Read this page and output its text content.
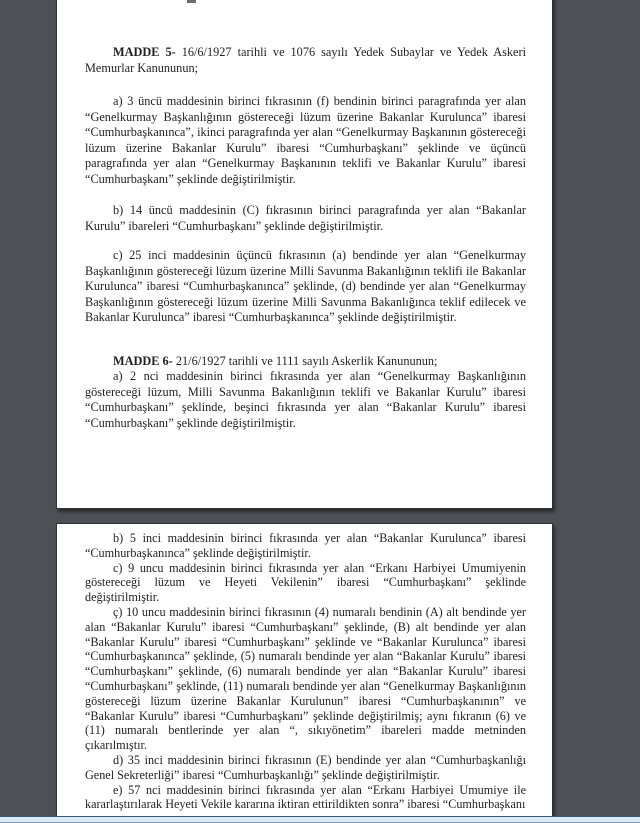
MADDE 5- 16/6/1927 tarihli ve 1076 sayılı Yedek Subaylar ve Yedek Askeri Memurlar Kanununun;

a) 3 üncü maddesinin birinci fıkrasının (f) bendinin birinci paragrafında yer alan “Genelkurmay Başkanlığının göstereceği lüzum üzerine Bakanlar Kurulunca” ibaresi “Cumhurbaşkanınca”, ikinci paragrafında yer alan “Genelkurmay Başkanının göstereceği lüzum üzerine Bakanlar Kurulu” ibaresi “Cumhurbaşkanı” şeklinde ve üçüncü paragrafında yer alan “Genelkurmay Başkanının teklifi ve Bakanlar Kurulu” ibaresi “Cumhurbaşkanı” şeklinde değiştirilmiştir.

b) 14 üncü maddesinin (C) fıkrasının birinci paragrafında yer alan “Bakanlar Kurulu” ibareleri “Cumhurbaşkanı” şeklinde değiştirilmiştir.

c) 25 inci maddesinin üçüncü fıkrasının (a) bendinde yer alan “Genelkurmay Başkanlığının göstereceği lüzum üzerine Milli Savunma Bakanlığının teklifi ile Bakanlar Kurulunca” ibaresi “Cumhurbaşkanınca” şeklinde, (d) bendinde yer alan “Genelkurmay Başkanlığının göstereceği lüzum üzerine Milli Savunma Bakanlığınca teklif edilecek ve Bakanlar Kurulunca” ibaresi “Cumhurbaşkanınca” şeklinde değiştirilmiştir.

MADDE 6- 21/6/1927 tarihli ve 1111 sayılı Askerlik Kanununun;

a) 2 nci maddesinin birinci fıkrasında yer alan “Genelkurmay Başkanlığının göstereceği lüzum, Milli Savunma Bakanlığının teklifi ve Bakanlar Kurulu” ibaresi “Cumhurbaşkanı” şeklinde, beşinci fıkrasında yer alan “Bakanlar Kurulu” ibaresi “Cumhurbaşkanı” şeklinde değiştirilmiştir.

b) 5 inci maddesinin birinci fıkrasında yer alan “Bakanlar Kurulunca” ibaresi “Cumhurbaşkanınca” şeklinde değiştirilmiştir.

c) 9 uncu maddesinin birinci fıkrasında yer alan “Erkanı Harbiyei Umumiyenin göstereceği lüzum ve Heyeti Vekilenin” ibaresi “Cumhurbaşkanı” şeklinde değiştirilmiştir.

ç) 10 uncu maddesinin birinci fıkrasının (4) numaralı bendinin (A) alt bendinde yer alan “Bakanlar Kurulu” ibaresi “Cumhurbaşkanı” şeklinde, (B) alt bendinde yer alan “Bakanlar Kurulu” ibaresi “Cumhurbaşkanı” şeklinde ve “Bakanlar Kurulunca” ibaresi “Cumhurbaşkanınca” şeklinde, (5) numaralı bendinde yer alan “Bakanlar Kurulu” ibaresi “Cumhurbaşkanı” şeklinde, (6) numaralı bendinde yer alan “Bakanlar Kurulu” ibaresi “Cumhurbaşkanı” şeklinde, (11) numaralı bendinde yer alan “Genelkurmay Başkanlığının göstereceği lüzum üzerine Bakanlar Kurulunun” ibaresi “Cumhurbaşkanının” ve “Bakanlar Kurulu” ibaresi “Cumhurbaşkanı” şeklinde değiştirilmiş; aynı fıkranın (6) ve (11) numaralı bentlerinde yer alan “, sıkıyönetim” ibareleri madde metninden çıkarılmıştır.

d) 35 inci maddesinin birinci fıkrasının (E) bendinde yer alan “Cumhurbaşkanlığı Genel Sekreterliği” ibaresi “Cumhurbaşkanlığı” şeklinde değiştirilmiştir.

e) 57 nci maddesinin birinci fıkrasında yer alan “Erkanı Harbiyei Umumiye ile kararlaştırılarak Heyeti Vekile kararına iktiran ettirildikten sonra” ibaresi “Cumhurbaşkanı
